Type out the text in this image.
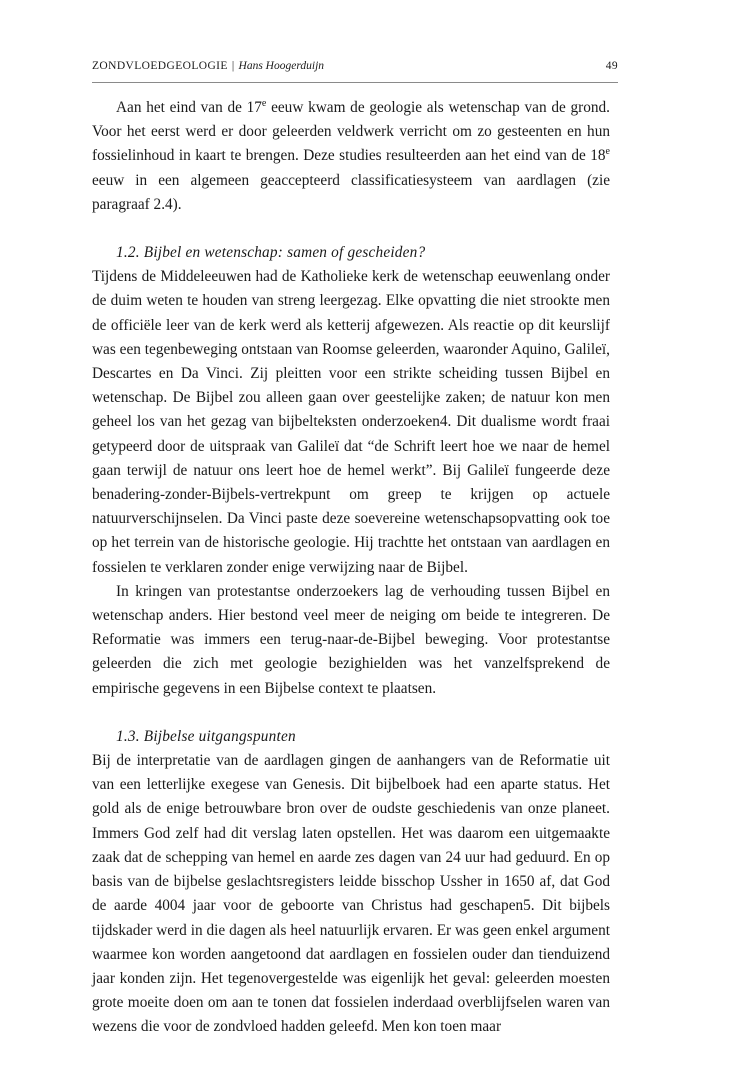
ZONDVLOEDGEOLOGIE | Hans Hoogerduijn	49

Aan het eind van de 17e eeuw kwam de geologie als wetenschap van de grond. Voor het eerst werd er door geleerden veldwerk verricht om zo gesteenten en hun fossielinhoud in kaart te brengen. Deze studies resulteerden aan het eind van de 18e eeuw in een algemeen geaccepteerd classificatiesysteem van aardlagen (zie paragraaf 2.4).

1.2. Bijbel en wetenschap: samen of gescheiden?

Tijdens de Middeleeuwen had de Katholieke kerk de wetenschap eeuwenlang onder de duim weten te houden van streng leergezag. Elke opvatting die niet strookte men de officiële leer van de kerk werd als ketterij afgewezen. Als reactie op dit keurslijf was een tegenbeweging ontstaan van Roomse geleerden, waaronder Aquino, Galileï, Descartes en Da Vinci. Zij pleitten voor een strikte scheiding tussen Bijbel en wetenschap. De Bijbel zou alleen gaan over geestelijke zaken; de natuur kon men geheel los van het gezag van bijbelteksten onderzoeken4. Dit dualisme wordt fraai getypeerd door de uitspraak van Galileï dat “de Schrift leert hoe we naar de hemel gaan terwijl de natuur ons leert hoe de hemel werkt”. Bij Galileï fungeerde deze benadering-zonder-Bijbels-vertrekpunt om greep te krijgen op actuele natuurverschijnselen. Da Vinci paste deze soevereine wetenschapsopvatting ook toe op het terrein van de historische geologie. Hij trachtte het ontstaan van aardlagen en fossielen te verklaren zonder enige verwijzing naar de Bijbel.

In kringen van protestantse onderzoekers lag de verhouding tussen Bijbel en wetenschap anders. Hier bestond veel meer de neiging om beide te integreren. De Reformatie was immers een terug-naar-de-Bijbel beweging. Voor protestantse geleerden die zich met geologie bezighielden was het vanzelfsprekend de empirische gegevens in een Bijbelse context te plaatsen.

1.3. Bijbelse uitgangspunten

Bij de interpretatie van de aardlagen gingen de aanhangers van de Reformatie uit van een letterlijke exegese van Genesis. Dit bijbelboek had een aparte status. Het gold als de enige betrouwbare bron over de oudste geschiedenis van onze planeet. Immers God zelf had dit verslag laten opstellen. Het was daarom een uitgemaakte zaak dat de schepping van hemel en aarde zes dagen van 24 uur had geduurd. En op basis van de bijbelse geslachtsregisters leidde bisschop Ussher in 1650 af, dat God de aarde 4004 jaar voor de geboorte van Christus had geschapen5. Dit bijbels tijdskader werd in die dagen als heel natuurlijk ervaren. Er was geen enkel argument waarmee kon worden aangetoond dat aardlagen en fossielen ouder dan tienduizend jaar konden zijn. Het tegenovergestelde was eigenlijk het geval: geleerden moesten grote moeite doen om aan te tonen dat fossielen inderdaad overblijfselen waren van wezens die voor de zondvloed hadden geleefd. Men kon toen maar
